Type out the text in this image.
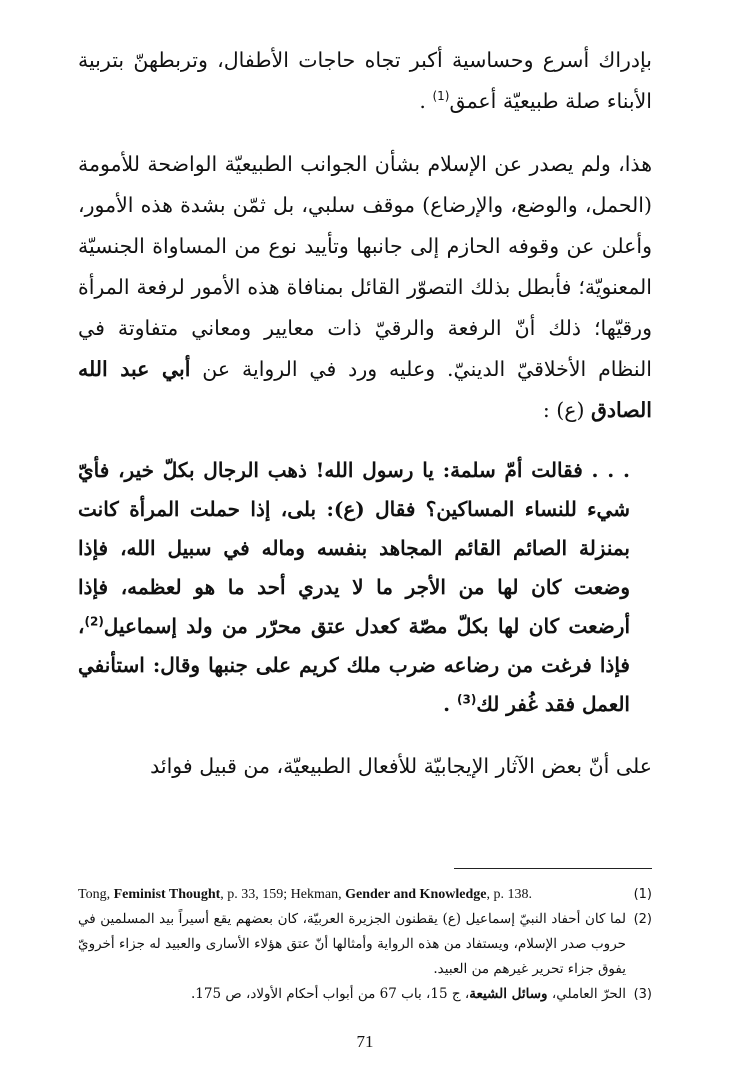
بإدراك أسرع وحساسية أكبر تجاه حاجات الأطفال، وتربطهنّ بتربية الأبناء صلة طبيعيّة أعمق$^{(1)}$ .

هذا، ولم يصدر عن الإسلام بشأن الجوانب الطبيعيّة الواضحة للأمومة (الحمل، والوضع، والإرضاع) موقف سلبي، بل ثمّن بشدة هذه الأمور، وأعلن عن وقوفه الحازم إلى جانبها وتأييد نوع من المساواة الجنسيّة المعنويّة؛ فأبطل بذلك التصوّر القائل بمنافاة هذه الأمور لرفعة المرأة ورقيّها؛ ذلك أنّ الرفعة والرقيّ ذات معايير ومعاني متفاوتة في النظام الأخلاقيّ الدينيّ. وعليه ورد في الرواية عن أبي عبد الله الصادق (ع) :

. . . فقالت أمّ سلمة: يا رسول الله! ذهب الرجال بكلّ خير، فأيّ شيء للنساء المساكين؟ فقال (ع): بلى، إذا حملت المرأة كانت بمنزلة الصائم القائم المجاهد بنفسه وماله في سبيل الله، فإذا وضعت كان لها من الأجر ما لا يدري أحد ما هو لعظمه، فإذا أرضعت كان لها بكلّ مصّة كعدل عتق محرّر من ولد إسماعيل$^{(2)}$، فإذا فرغت من رضاعه ضرب ملك كريم على جنبها وقال: استأنفي العمل فقد غُفر لك$^{(3)}$ .

على أنّ بعض الآثار الإيجابيّة للأفعال الطبيعيّة، من قبيل فوائد

(1)
Tong, Feminist Thought, p. 33, 159; Hekman, Gender and Knowledge, p. 138.
(2)
لما كان أحفاد النبيّ إسماعيل (ع) يقطنون الجزيرة العربيّة، كان بعضهم يقع أسيراً بيد المسلمين في حروب صدر الإسلام، ويستفاد من هذه الرواية وأمثالها أنّ عتق هؤلاء الأسارى والعبيد له جزاء أخرويّ يفوق جزاء تحرير غيرهم من العبيد.
(3)
الحرّ العاملي، وسائل الشيعة، ج 15، باب 67 من أبواب أحكام الأولاد، ص 175.
71
